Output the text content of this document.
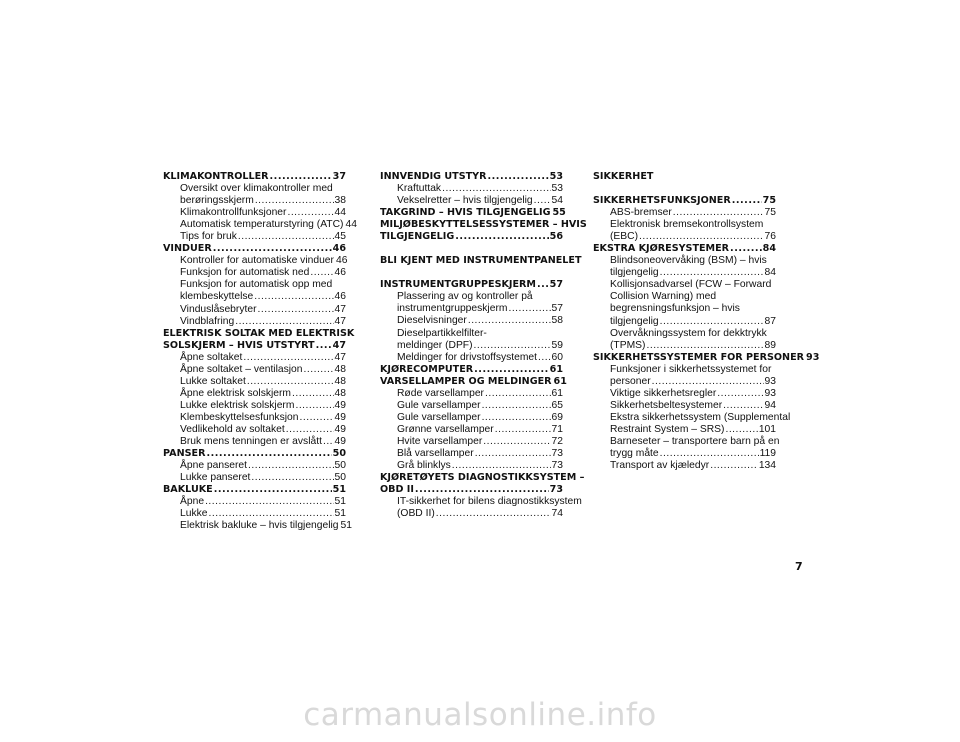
KLIMAKONTROLLER .....	37
Oversikt over klimakontroller med
berøringsskjerm .....	38
Klimakontrollfunksjoner .....	44
Automatisk temperaturstyring (ATC) 44
Tips for bruk .....	45
VINDUER .....	46
Kontroller for automatiske vinduer 46
Funksjon for automatisk ned ..... 46
Funksjon for automatisk opp med
klembeskyttelse .....	46
Vinduslåsebryter .....	47
Vindblafring .....	47
ELEKTRISK SOLTAK MED ELEKTRISK
SOLSKJERM – HVIS UTSTYRT ..... 47
Åpne soltaket .....	47
Åpne soltaket – ventilasjon .....	48
Lukke soltaket .....	48
Åpne elektrisk solskjerm .....	48
Lukke elektrisk solskjerm .....	49
Klembeskyttelsesfunksjon .....	49
Vedlikehold av soltaket .....	49
Bruk mens tenningen er avslått ..... 49
PANSER .....	50
Åpne panseret .....	50
Lukke panseret .....	50
BAKLUKE .....	51
Åpne .....	51
Lukke .....	51
Elektrisk bakluke – hvis tilgjengelig 51
INNVENDIG UTSTYR .....	53
Kraftuttak .....	53
Vekselretter – hvis tilgjengelig ..... 54
TAKGRIND – HVIS TILGJENGELIG 55
MILJØBESKYTTELSESSYSTEMER – HVIS
TILGJENGELIG .....	56
BLI KJENT MED INSTRUMENTPANELET
INSTRUMENTGRUPPESKJERM ..... 57
Plassering av og kontroller på
instrumentgruppeskjerm .....	57
Dieselvisninger .....	58
Dieselpartikkelfilter-
meldinger (DPF) .....	59
Meldinger for drivstoffsystemet ..... 60
KJØRECOMPUTER .....	61
VARSELLAMPER OG MELDINGER 61
Røde varsellamper .....	61
Gule varsellamper .....	65
Gule varsellamper .....	69
Grønne varsellamper .....	71
Hvite varsellamper .....	72
Blå varsellamper .....	73
Grå blinklys .....	73
KJØRETØYETS DIAGNOSTIKKSYSTEM –
OBD II .....	73
IT-sikkerhet for bilens diagnostikksystem
(OBD II) .....	74
SIKKERHET
SIKKERHETSFUNKSJONER .....	75
ABS-bremser .....	75
Elektronisk bremsekontrollsystem
(EBC) .....	76
EKSTRA KJØRESYSTEMER .....	84
Blindsoneovervåking (BSM) – hvis
tilgjengelig .....	84
Kollisjonsadvarsel (FCW – Forward
Collision Warning) med
begrensningsfunksjon – hvis
tilgjengelig .....	87
Overvåkningssystem for dekktrykk
(TPMS) .....	89
SIKKERHETSSYSTEMER FOR PERSONER 93
Funksjoner i sikkerhetssystemet for
personer .....	93
Viktige sikkerhetsregler .....	93
Sikkerhetsbeltesystemer .....	94
Ekstra sikkerhetssystem (Supplemental
Restraint System – SRS) .....	101
Barneseter – transportere barn på en
trygg måte .....	119
Transport av kjæledyr .....	134
7
carmanualsonline.info
